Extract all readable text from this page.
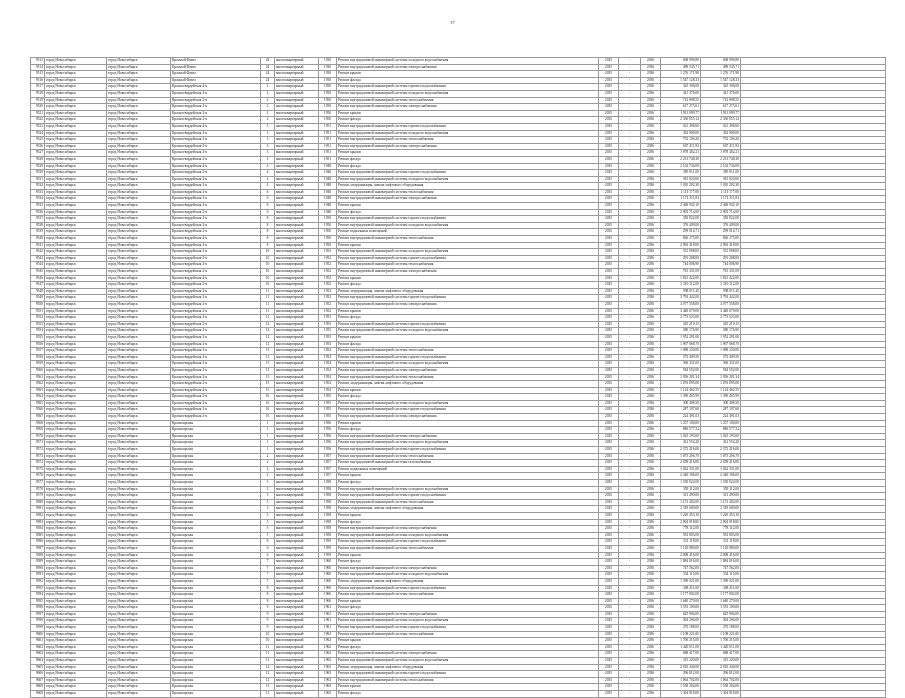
37
9513	город Новосибирск	город Новосибирск	Красный Факел	24	многоквартирный	1930	Ремонт внутридомовой инженерной системы холодного водоснабжения	2035	-	2036	608 996,80	608 996,80	
9514	город Новосибирск	город Новосибирск	Красный Факел	24	многоквартирный	1930	Ремонт внутридомовой инженерной системы электроснабжения	2035	-	2036	499 545,71	499 545,71	
9515	город Новосибирск	город Новосибирск	Красный Факел	24	многоквартирный	1930	Ремонт крыши	2035	-	2036	1 276 171,98	1 276 171,98	
9516	город Новосибирск	город Новосибирск	Красный Факел	24	многоквартирный	1930	Ремонт фасада	2035	-	2036	1 547 128,33	1 547 128,33	
9517	город Новосибирск	город Новосибирск	Красногвардейская 2-я	2	многоквартирный	1950	Ремонт внутридомовой инженерной системы горячего водоснабжения	2035	-	2036	325 398,00	325 398,00	
9518	город Новосибирск	город Новосибирск	Красногвардейская 2-я	2	многоквартирный	1950	Ремонт внутридомовой инженерной системы холодного водоснабжения	2035	-	2036	441 376,00	441 376,00	
9519	город Новосибирск	город Новосибирск	Красногвардейская 2-я	2	многоквартирный	1950	Ремонт внутридомовой инженерной системы теплоснабжения	2035	-	2036	723 898,55	723 898,55	
9520	город Новосибирск	город Новосибирск	Красногвардейская 2-я	2	многоквартирный	1950	Ремонт внутридомовой инженерной системы электроснабжения	2035	-	2036	617 273,61	617 273,61	
9521	город Новосибирск	город Новосибирск	Красногвардейская 2-я	2	многоквартирный	1950	Ремонт крыши	2035	-	2036	1 911 099,77	1 911 099,77	
9522	город Новосибирск	город Новосибирск	Красногвардейская 2-я	2	многоквартирный	1950	Ремонт фасада	2035	-	2036	2 330 055,12	2 330 055,12	
9523	город Новосибирск	город Новосибирск	Красногвардейская 2-я	3	многоквартирный	1951	Ремонт внутридомовой инженерной системы горячего водоснабжения	2035	-	2036	321 498,60	321 498,60	
9524	город Новосибирск	город Новосибирск	Красногвардейская 2-я	3	многоквартирный	1951	Ремонт внутридомовой инженерной системы холодного водоснабжения	2035	-	2036	362 900,00	362 900,00	
9525	город Новосибирск	город Новосибирск	Красногвардейская 2-я	3	многоквартирный	1951	Ремонт внутридомовой инженерной системы теплоснабжения	2035	-	2036	753 106,20	753 106,20	
9526	город Новосибирск	город Новосибирск	Красногвардейская 2-я	3	многоквартирный	1951	Ремонт внутридомовой инженерной системы электроснабжения	2035	-	2036	607 411,92	607 411,92	
9527	город Новосибирск	город Новосибирск	Красногвардейская 2-я	3	многоквартирный	1951	Ремонт крыши	2035	-	2036	1 878 402,21	1 878 402,21	
9528	город Новосибирск	город Новосибирск	Красногвардейская 2-я	3	многоквартирный	1951	Ремонт фасада	2035	-	2036	2 231 748,30	2 231 748,30	
9529	город Новосибирск	город Новосибирск	Красногвардейская 2-я	4	многоквартирный	1948	Ремонт фасада	2035	-	2036	2 102 744,09	2 102 744,09	
9530	город Новосибирск	город Новосибирск	Красногвардейская 2-я	4	многоквартирный	1948	Ремонт внутридомовой инженерной системы горячего водоснабжения	2035	-	2036	385 011,00	385 011,00	
9531	город Новосибирск	город Новосибирск	Красногвардейская 2-я	4	многоквартирный	1948	Ремонт внутридомовой инженерной системы холодного водоснабжения	2035	-	2036	381 020,60	381 020,60	
9532	город Новосибирск	город Новосибирск	Красногвардейская 2-я	4	многоквартирный	1948	Ремонт, модернизация, замена лифтового оборудования	2035	-	2036	1 010 202,30	1 010 202,30	
9533	город Новосибирск	город Новосибирск	Красногвардейская 2-я	6	многоквартирный	1948	Ремонт внутридомовой инженерной системы теплоснабжения	2035	-	2036	1 115 177,00	1 115 177,00	
9534	город Новосибирск	город Новосибирск	Красногвардейская 2-я	6	многоквартирный	1948	Ремонт внутридомовой инженерной системы электроснабжения	2035	-	2036	1 172 311,83	1 172 311,83	
9535	город Новосибирск	город Новосибирск	Красногвардейская 2-я	6	многоквартирный	1948	Ремонт крыши	2035	-	2036	2 460 932,10	2 460 932,10	
9536	город Новосибирск	город Новосибирск	Красногвардейская 2-я	6	многоквартирный	1948	Ремонт фасада	2035	-	2036	2 903 714,00	2 903 714,00	
9537	город Новосибирск	город Новосибирск	Красногвардейская 2-я	8	многоквартирный	1950	Ремонт внутридомовой инженерной системы горячего водоснабжения	2035	-	2036	350 922,00	350 922,00	
9538	город Новосибирск	город Новосибирск	Красногвардейская 2-я	8	многоквартирный	1950	Ремонт внутридомовой инженерной системы холодного водоснабжения	2035	-	2036	376 409,00	376 409,00	
9539	город Новосибирск	город Новосибирск	Красногвардейская 2-я	8	многоквартирный	1950	Ремонт подвальных помещений	2035	-	2036	299 014,71	299 014,71	
9540	город Новосибирск	город Новосибирск	Красногвардейская 2-я	8	многоквартирный	1950	Ремонт внутридомовой инженерной системы теплоснабжения	2035	-	2036	826 175,00	826 175,00	
9541	город Новосибирск	город Новосибирск	Красногвардейская 2-я	8	многоквартирный	1950	Ремонт крыши	2035	-	2036	2 003 418,00	2 003 418,00	
9542	город Новосибирск	город Новосибирск	Красногвардейская 2-я	10	многоквартирный	1952	Ремонт внутридомовой инженерной системы холодного водоснабжения	2035	-	2036	331 098,00	331 098,00	
9543	город Новосибирск	город Новосибирск	Красногвардейская 2-я	10	многоквартирный	1952	Ремонт внутридомовой инженерной системы горячего водоснабжения	2035	-	2036	291 208,00	291 208,00	
9544	город Новосибирск	город Новосибирск	Красногвардейская 2-я	10	многоквартирный	1952	Ремонт внутридомовой инженерной системы теплоснабжения	2035	-	2036	744 006,90	744 006,90	
9545	город Новосибирск	город Новосибирск	Красногвардейская 2-я	10	многоквартирный	1952	Ремонт внутридомовой инженерной системы электроснабжения	2035	-	2036	781 331,09	781 331,09	
9546	город Новосибирск	город Новосибирск	Красногвардейская 2-я	10	многоквартирный	1952	Ремонт крыши	2035	-	2036	1 821 422,00	1 821 422,00	
9547	город Новосибирск	город Новосибирск	Красногвардейская 2-я	10	многоквартирный	1952	Ремонт фасада	2035	-	2036	2 310 112,00	2 310 112,00	
9548	город Новосибирск	город Новосибирск	Красногвардейская 2-я	11	многоквартирный	1952	Ремонт, модернизация, замена лифтового оборудования	2035	-	2036	908 011,20	908 011,20	
9549	город Новосибирск	город Новосибирск	Красногвардейская 2-я	11	многоквартирный	1952	Ремонт внутридомовой инженерной системы горячего водоснабжения	2035	-	2036	3 793 442,00	3 793 442,00	
9550	город Новосибирск	город Новосибирск	Красногвардейская 2-я	11	многоквартирный	1952	Ремонт внутридомовой инженерной системы электроснабжения	2035	-	2036	4 077 558,00	4 077 558,00	
9551	город Новосибирск	город Новосибирск	Красногвардейская 2-я	11	многоквартирный	1952	Ремонт крыши	2035	-	2036	3 440 679,00	3 440 679,00	
9552	город Новосибирск	город Новосибирск	Красногвардейская 2-я	12	многоквартирный	1953	Ремонт фасада	2035	-	2036	2 775 523,00	2 775 523,00	
9553	город Новосибирск	город Новосибирск	Красногвардейская 2-я	12	многоквартирный	1953	Ремонт внутридомовой инженерной системы горячего водоснабжения	2035	-	2036	345 219,15	345 219,15	
9554	город Новосибирск	город Новосибирск	Красногвардейская 2-я	12	многоквартирный	1953	Ремонт внутридомовой инженерной системы холодного водоснабжения	2035	-	2036	380 176,90	380 176,90	
9555	город Новосибирск	город Новосибирск	Красногвардейская 2-я	12	многоквартирный	1953	Ремонт крыши	2035	-	2036	1 952 281,00	1 952 281,00	
9556	город Новосибирск	город Новосибирск	Красногвардейская 2-я	12	многоквартирный	1953	Ремонт фасада	2035	-	2036	1 907 068,70	1 907 068,70	
9557	город Новосибирск	город Новосибирск	Красногвардейская 2-я	13	многоквартирный	1954	Ремонт внутридомовой инженерной системы теплоснабжения	2035	-	2036	1 098 230,00	1 098 230,00	
9558	город Новосибирск	город Новосибирск	Красногвардейская 2-я	13	многоквартирный	1954	Ремонт внутридомовой инженерной системы горячего водоснабжения	2035	-	2036	373 409,50	373 409,50	
9559	город Новосибирск	город Новосибирск	Красногвардейская 2-я	13	многоквартирный	1954	Ремонт внутридомовой инженерной системы холодного водоснабжения	2035	-	2036	396 331,00	396 331,00	
9560	город Новосибирск	город Новосибирск	Красногвардейская 2-я	13	многоквартирный	1954	Ремонт внутридомовой инженерной системы электроснабжения	2035	-	2036	584 552,00	584 552,00	
9561	город Новосибирск	город Новосибирск	Красногвардейская 2-я	15	многоквартирный	1954	Ремонт внутридомовой инженерной системы теплоснабжения	2035	-	2036	1 056 201,34	1 056 201,34	
9562	город Новосибирск	город Новосибирск	Красногвардейская 2-я	15	многоквартирный	1954	Ремонт, модернизация, замена лифтового оборудования	2035	-	2036	1 076 095,00	1 076 095,00	
9563	город Новосибирск	город Новосибирск	Красногвардейская 2-я	15	многоквартирный	1954	Ремонт крыши	2035	-	2036	1 124 462,55	1 124 462,55	
9564	город Новосибирск	город Новосибирск	Красногвардейская 2-я	16	многоквартирный	1955	Ремонт фасада	2035	-	2036	1 390 405,99	1 390 405,99	
9565	город Новосибирск	город Новосибирск	Красногвардейская 2-я	16	многоквартирный	1955	Ремонт внутридомовой инженерной системы холодного водоснабжения	2035	-	2036	300 408,50	300 408,50	
9566	город Новосибирск	город Новосибирск	Красногвардейская 2-я	16	многоквартирный	1955	Ремонт внутридомовой инженерной системы горячего водоснабжения	2035	-	2036	287 107,68	287 107,68	
9567	город Новосибирск	город Новосибирск	Красногвардейская 2-я	16	многоквартирный	1955	Ремонт внутридомовой инженерной системы электроснабжения	2035	-	2036	224 491,03	224 491,03	
9568	город Новосибирск	город Новосибирск	Красноярская	1	многоквартирный	1956	Ремонт крыши	2035	-	2036	1 237 100,00	1 237 100,00	
9569	город Новосибирск	город Новосибирск	Красноярская	1	многоквартирный	1956	Ремонт фасада	2035	-	2036	880 577,52	880 577,52	
9570	город Новосибирск	город Новосибирск	Красноярская	1	многоквартирный	1956	Ремонт внутридомовой инженерной системы электроснабжения	2035	-	2036	1 025 193,00	1 025 193,00	
9571	город Новосибирск	город Новосибирск	Красноярская	1	многоквартирный	1956	Ремонт внутридомовой инженерной системы холодного водоснабжения	2035	-	2036	412 554,20	412 554,20	
9572	город Новосибирск	город Новосибирск	Красноярская	1	многоквартирный	1956	Ремонт внутридомовой инженерной системы горячего водоснабжения	2035	-	2036	2 372 216,00	2 372 216,00	
9573	город Новосибирск	город Новосибирск	Красноярская	2	многоквартирный	1957	Ремонт внутридомовой инженерной системы теплоснабжения	2035	-	2036	1 075 206,70	1 075 206,70	
9574	город Новосибирск	город Новосибирск	Красноярская	2	многоквартирный	1957	Ремонт внутридомовой инженерной системы газоснабжения	2035	-	2036	2 058 416,00	2 058 416,00	
9575	город Новосибирск	город Новосибирск	Красноярская	2	многоквартирный	1957	Ремонт подвальных помещений	2035	-	2036	1 022 331,00	1 022 331,00	
9576	город Новосибирск	город Новосибирск	Красноярская	2	многоквартирный	1957	Ремонт крыши	2035	-	2036	2 440 106,00	2 440 106,00	
9577	город Новосibирск	город Новосибирск	Красноярская	3	многоквартирный	1958	Ремонт фасада	2035	-	2036	1 550 024,00	1 550 024,00	
9578	город Новосибирск	город Новосибирск	Красноярская	3	многоквартирный	1958	Ремонт внутридомовой инженерной системы холодного водоснабжения	2035	-	2036	359 112,00	359 112,00	
9579	город Новосибирск	город Новосибирск	Красноярская	3	многоквартирный	1958	Ремонт внутридомовой инженерной системы горячего водоснабжения	2035	-	2036	313 490,00	313 490,00	
9580	город Новосибирск	город Новосибирск	Красноярская	3	многоквартирный	1958	Ремонт внутридомовой инженерной системы теплоснабжения	2035	-	2036	1 151 402,00	1 151 402,00	
9581	город Новосибирск	город Новосибирск	Красноярская	3	многоквартирный	1958	Ремонт, модернизация, замена лифтового оборудования	2035	-	2036	2 318 000,00	2 318 000,00	
9582	город Новосибирск	город Новосибирск	Красноярская	5	многоквартирный	1958	Ремонт крыши	2035	-	2036	1 220 453,10	1 220 453,10	
9583	город Новосибирск	город Новосибирск	Красноярская	5	многоквартирный	1958	Ремонт фасада	2035	-	2036	2 004 918,00	2 004 918,00	
9584	город Новосибирск	город Новосибирск	Красноярская	5	многоквартирный	1958	Ремонт внутридомовой инженерной системы электроснабжения	2035	-	2036	778 112,00	778 112,00	
9585	город Новосибирск	город Новосибирск	Красноярская	5	многоквартирный	1958	Ремонт внутридомовой инженерной системы холодного водоснабжения	2035	-	2036	592 803,00	592 803,00	
9586	город Новосибирск	город Новосибирск	Красноярская	6	многоквартирный	1959	Ремонт внутридомовой инженерной системы горячего водоснабжения	2035	-	2036	331 118,00	331 118,00	
9587	город Новосибирск	город Новосибирск	Красноярская	6	многоквартирный	1959	Ремонт внутридомовой инженерной системы теплоснабжения	2035	-	2036	1 120 880,00	1 120 880,00	
9588	город Новосибирск	город Новосибирск	Красноярская	6	многоквартирный	1959	Ремонт крыши	2035	-	2036	2 008 416,00	2 008 416,00	
9589	город Новосибирск	город Новосибирск	Красноярская	7	многоквартирный	1960	Ремонт фасада	2035	-	2036	1 884 016,00	1 884 016,00	
9590	город Новосибирск	город Новосибирск	Красноярская	7	многоквартирный	1960	Ремонт внутридомовой инженерной системы электроснабжения	2035	-	2036	747 562,00	747 562,00	
9591	город Новосибирск	город Новосибирск	Красноярская	7	многоквартирный	1960	Ремонт внутридомовой инженерной системы холодного водоснабжения	2035	-	2036	334 115,00	334 115,00	
9592	город Новосибирск	город Новосибирск	Красноярская	7	многоквартирный	1960	Ремонт, модернизация, замена лифтового оборудования	2035	-	2036	1 390 021,00	1 390 021,00	
9593	город Новосибирск	город Новосибирск	Красноярская	8	многоквартирный	1960	Ремонт внутридомовой инженерной системы горячего водоснабжения	2035	-	2036	308 411,00	308 411,00	
9594	город Новосибирск	город Новосибирск	Красноярская	8	многоквартирный	1960	Ремонт внутридомовой инженерной системы теплоснабжения	2035	-	2036	1 177 002,00	1 177 002,00	
9595	город Новосибирск	город Новосибирск	Красноярская	8	многоквартирный	1960	Ремонт крыши	2035	-	2036	1 640 279,00	1 640 279,00	
9596	город Новосибирск	город Новосибирск	Красноярская	9	многоквартирный	1961	Ремонт фасада	2035	-	2036	1 555 100,00	1 555 100,00	
9597	город Новосибирск	город Новосибирск	Красноярская	9	многоквартирный	1961	Ремонт внутридомовой инженерной системы электроснабжения	2035	-	2036	625 904,00	625 904,00	
9598	город Новосибирск	город Новосибирск	Красноярская	9	многоквартирный	1961	Ремонт внутридомовой инженерной системы холодного водоснабжения	2035	-	2036	304 206,00	304 206,00	
9599	город Новосибирск	город Новосибирск	Красноярская	9	многоквартирный	1961	Ремонт внутридомовой инженерной системы горячего водоснабжения	2035	-	2036	270 188,00	270 188,00	
9600	город Новосибирск	город Новосибирск	Красноярская	10	многоквартирный	1962	Ремонт внутридомовой инженерной системы теплоснабжения	2035	-	2036	1 108 221,00	1 108 221,00	
9601	город Новосибирск	город Новосибирск	Красноярская	10	многоквартирный	1962	Ремонт крыши	2035	-	2036	1 700 215,00	1 700 215,00	
9602	город Новосибирск	город Новосибирск	Красноярская	11	многоквартирный	1962	Ремонт фасада	2035	-	2036	1 420 011,00	1 420 011,00	
9603	город Новосибирск	город Новосибирск	Красноярская	11	многоквартирный	1962	Ремонт внутридомовой инженерной системы электроснабжения	2035	-	2036	688 417,00	688 417,00	
9604	город Новосибирск	город Новосибирск	Красноярская	11	многоквартирный	1962	Ремонт внутридомовой инженерной системы холодного водоснабжения	2035	-	2036	315 220,00	315 220,00	
9605	город Новосибирск	город Новосибирск	Красноярская	12	многоквартирный	1963	Ремонт, модернизация, замена лифтового оборудования	2035	-	2036	2 010 440,00	2 010 440,00	
9606	город Новосибирск	город Новосибирск	Красноярская	12	многоквартирный	1963	Ремонт внутридомовой инженерной системы горячего водоснабжения	2035	-	2036	296 812,00	296 812,00	
9607	город Новосибирск	город Новосибирск	Красноярская	12	многоквартирный	1963	Ремонт внутридомовой инженерной системы теплоснабжения	2035	-	2036	1 064 702,00	1 064 702,00	
9608	город Новосибирск	город Новосибирск	Красноярская	13	многоквартирный	1963	Ремонт крыши	2035	-	2036	1 558 204,00	1 558 204,00	
9609	город Новосибирск	город Новосибирск	Красноярская	13	многоквартирный	1963	Ремонт фасада	2035	-	2036	1 304 918,00	1 304 918,00	
